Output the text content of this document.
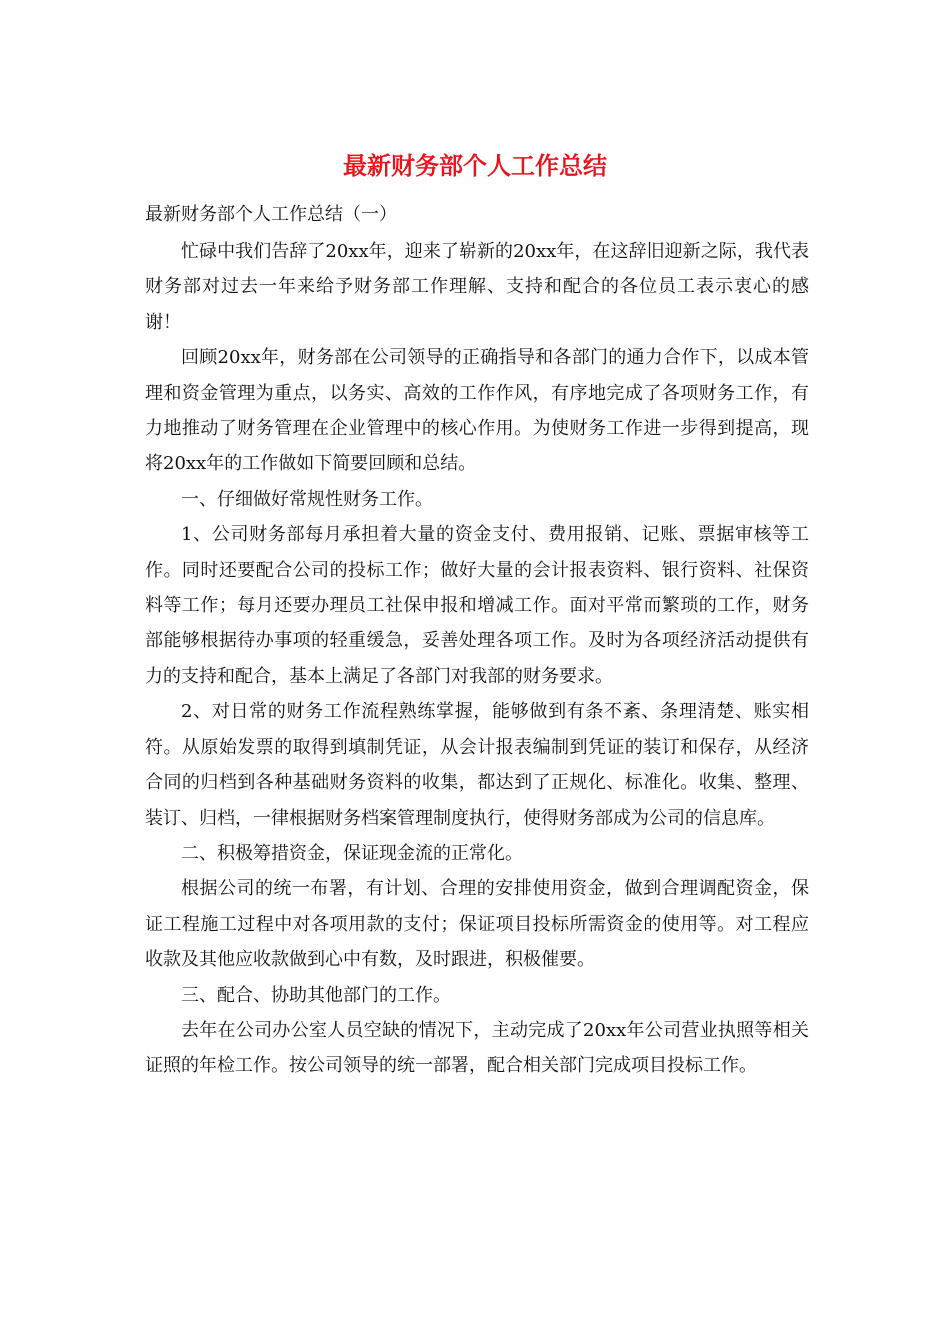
最新财务部个人工作总结
最新财务部个人工作总结（一）

忙碌中我们告辞了20xx年，迎来了崭新的20xx年，在这辞旧迎新之际，我代表财务部对过去一年来给予财务部工作理解、支持和配合的各位员工表示衷心的感谢！

回顾20xx年，财务部在公司领导的正确指导和各部门的通力合作下，以成本管理和资金管理为重点，以务实、高效的工作作风，有序地完成了各项财务工作，有力地推动了财务管理在企业管理中的核心作用。为使财务工作进一步得到提高，现将20xx年的工作做如下简要回顾和总结。

一、仔细做好常规性财务工作。

1、公司财务部每月承担着大量的资金支付、费用报销、记账、票据审核等工作。同时还要配合公司的投标工作；做好大量的会计报表资料、银行资料、社保资料等工作；每月还要办理员工社保申报和增减工作。面对平常而繁琐的工作，财务部能够根据待办事项的轻重缓急，妥善处理各项工作。及时为各项经济活动提供有力的支持和配合，基本上满足了各部门对我部的财务要求。

2、对日常的财务工作流程熟练掌握，能够做到有条不紊、条理清楚、账实相符。从原始发票的取得到填制凭证，从会计报表编制到凭证的装订和保存，从经济合同的归档到各种基础财务资料的收集，都达到了正规化、标准化。收集、整理、装订、归档，一律根据财务档案管理制度执行，使得财务部成为公司的信息库。

二、积极筹措资金，保证现金流的正常化。

根据公司的统一布署，有计划、合理的安排使用资金，做到合理调配资金，保证工程施工过程中对各项用款的支付；保证项目投标所需资金的使用等。对工程应收款及其他应收款做到心中有数，及时跟进，积极催要。

三、配合、协助其他部门的工作。

去年在公司办公室人员空缺的情况下，主动完成了20xx年公司营业执照等相关证照的年检工作。按公司领导的统一部署，配合相关部门完成项目投标工作。
